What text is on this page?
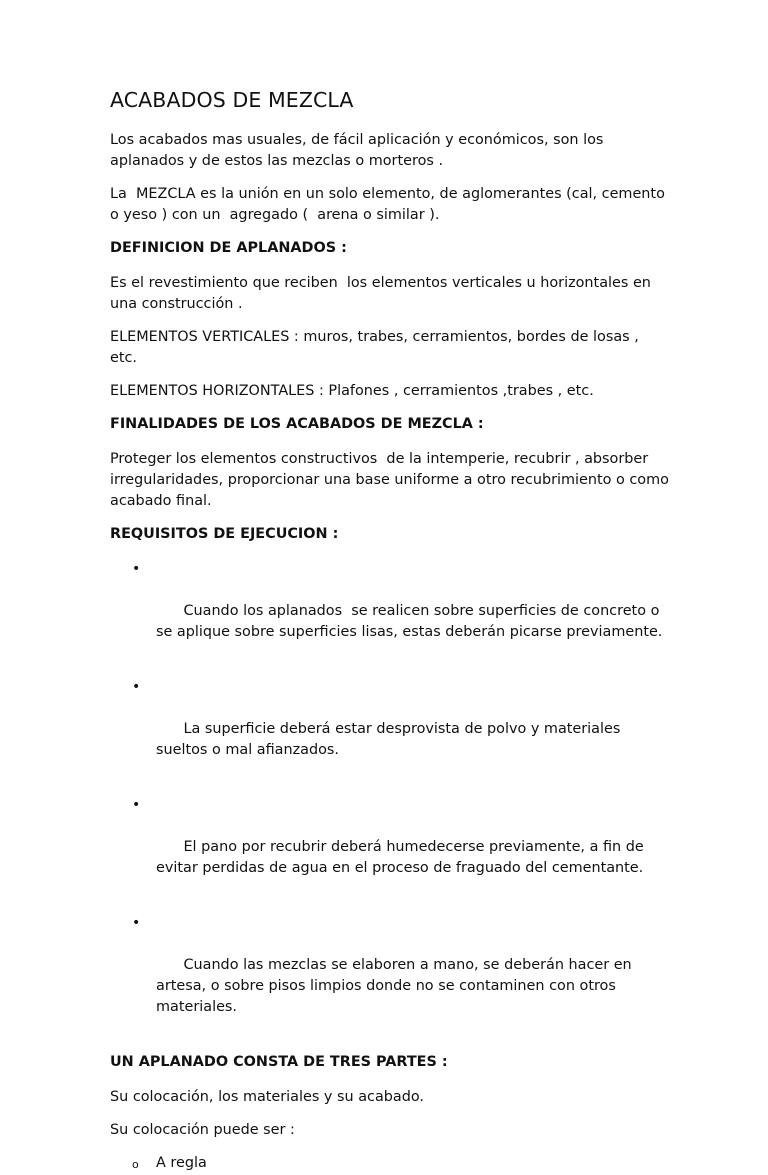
ACABADOS DE MEZCLA

Los acabados mas usuales, de fácil aplicación y económicos, son los aplanados y de estos las mezclas o morteros .

La  MEZCLA es la unión en un solo elemento, de aglomerantes (cal, cemento o yeso ) con un  agregado (  arena o similar ).

DEFINICION DE APLANADOS :

Es el revestimiento que reciben  los elementos verticales u horizontales en una construcción .

ELEMENTOS VERTICALES : muros, trabes, cerramientos, bordes de losas , etc.

ELEMENTOS HORIZONTALES : Plafones , cerramientos ,trabes , etc.

FINALIDADES DE LOS ACABADOS DE MEZCLA :

Proteger los elementos constructivos  de la intemperie, recubrir , absorber irregularidades, proporcionar una base uniforme a otro recubrimiento o como acabado final.

REQUISITOS DE EJECUCION :

•

Cuando los aplanados  se realicen sobre superficies de concreto o se aplique sobre superficies lisas, estas deberán picarse previamente.

•

La superficie deberá estar desprovista de polvo y materiales sueltos o mal afianzados.

•

El pano por recubrir deberá humedecerse previamente, a fin de evitar perdidas de agua en el proceso de fraguado del cementante.

•

Cuando las mezclas se elaboren a mano, se deberán hacer en artesa, o sobre pisos limpios donde no se contaminen con otros materiales.

UN APLANADO CONSTA DE TRES PARTES :

Su colocación, los materiales y su acabado.

Su colocación puede ser :

o A regla
